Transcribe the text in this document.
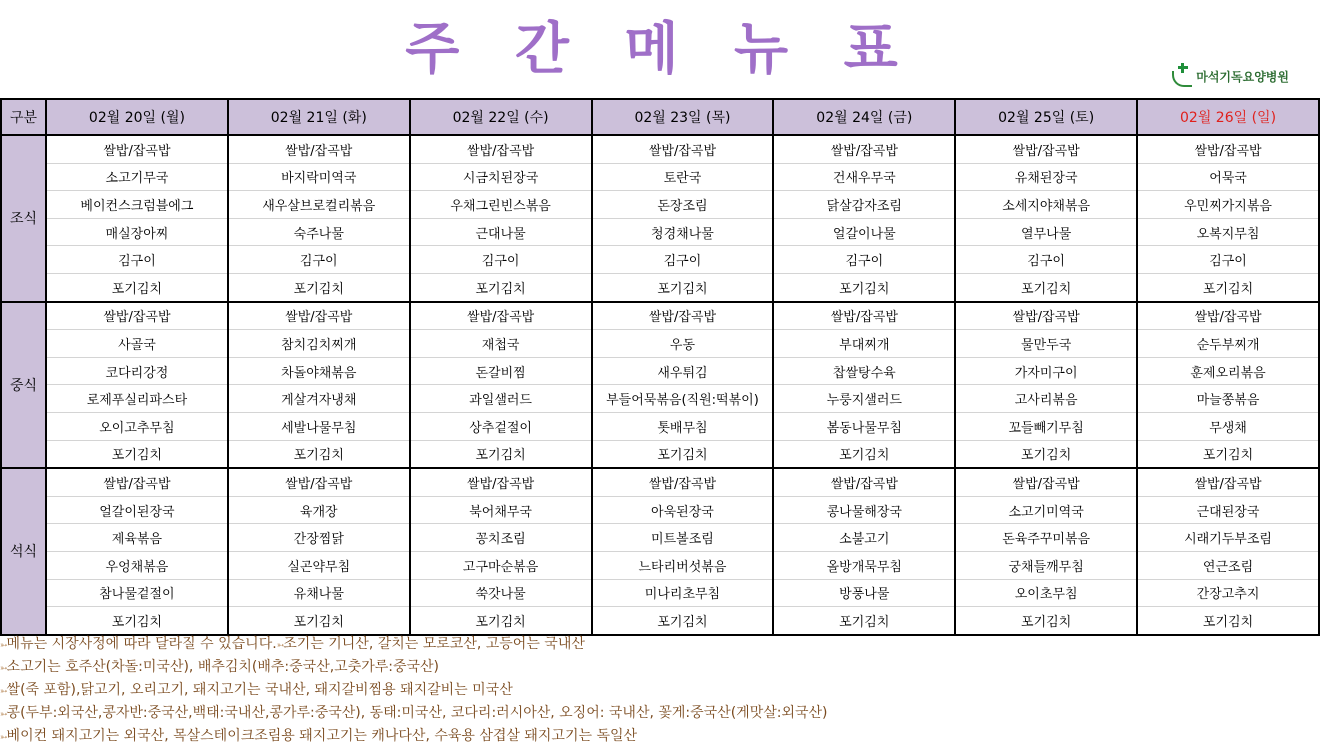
주 간 메 뉴 표	마석기독요양병원
구분	02월 20일 (월)	02월 21일 (화)	02월 22일 (수)	02월 23일 (목)	02월 24일 (금)	02월 25일 (토)	02월 26일 (일)
조식	쌀밥/잡곡밥	쌀밥/잡곡밥	쌀밥/잡곡밥	쌀밥/잡곡밥	쌀밥/잡곡밥	쌀밥/잡곡밥	쌀밥/잡곡밥
	소고기무국	바지락미역국	시금치된장국	토란국	건새우무국	유채된장국	어묵국
	베이컨스크럼블에그	새우살브로컬리볶음	우채그린빈스볶음	돈장조림	닭살감자조림	소세지야채볶음	우민찌가지볶음
	매실장아찌	숙주나물	근대나물	청경채나물	얼갈이나물	열무나물	오복지무침
	김구이	김구이	김구이	김구이	김구이	김구이	김구이
	포기김치	포기김치	포기김치	포기김치	포기김치	포기김치	포기김치
중식	쌀밥/잡곡밥	쌀밥/잡곡밥	쌀밥/잡곡밥	쌀밥/잡곡밥	쌀밥/잡곡밥	쌀밥/잡곡밥	쌀밥/잡곡밥
	사골국	참치김치찌개	재첩국	우동	부대찌개	물만두국	순두부찌개
	코다리강정	차돌야채볶음	돈갈비찜	새우튀김	찹쌀탕수육	가자미구이	훈제오리볶음
	로제푸실리파스타	게살겨자냉채	과일샐러드	부들어묵볶음(직원:떡볶이)	누룽지샐러드	고사리볶음	마늘쫑볶음
	오이고추무침	세발나물무침	상추겉절이	톳배무침	봄동나물무침	꼬들빼기무침	무생채
	포기김치	포기김치	포기김치	포기김치	포기김치	포기김치	포기김치
석식	쌀밥/잡곡밥	쌀밥/잡곡밥	쌀밥/잡곡밥	쌀밥/잡곡밥	쌀밥/잡곡밥	쌀밥/잡곡밥	쌀밥/잡곡밥
	얼갈이된장국	육개장	북어채무국	아욱된장국	콩나물해장국	소고기미역국	근대된장국
	제육볶음	간장찜닭	꽁치조림	미트볼조림	소불고기	돈육주꾸미볶음	시래기두부조림
	우엉채볶음	실곤약무침	고구마순볶음	느타리버섯볶음	올방개묵무침	궁채들깨무침	연근조림
	참나물겉절이	유채나물	쑥갓나물	미나리초무침	방풍나물	오이초무침	간장고추지
	포기김치	포기김치	포기김치	포기김치	포기김치	포기김치	포기김치
➳메뉴는 시장사정에 따라 달라질 수 있습니다.➳조기는 기니산, 갈치는 모로코산, 고등어는 국내산
➳소고기는 호주산(차돌:미국산), 배추김치(배추:중국산,고춧가루:중국산)
➳쌀(죽 포함),닭고기, 오리고기, 돼지고기는 국내산, 돼지갈비찜용 돼지갈비는 미국산
➳콩(두부:외국산,콩자반:중국산,백태:국내산,콩가루:중국산), 동태:미국산, 코다리:러시아산, 오징어: 국내산, 꽃게:중국산(게맛살:외국산)
➳베이컨 돼지고기는 외국산, 목살스테이크조림용 돼지고기는 캐나다산, 수육용 삼겹살 돼지고기는 독일산
